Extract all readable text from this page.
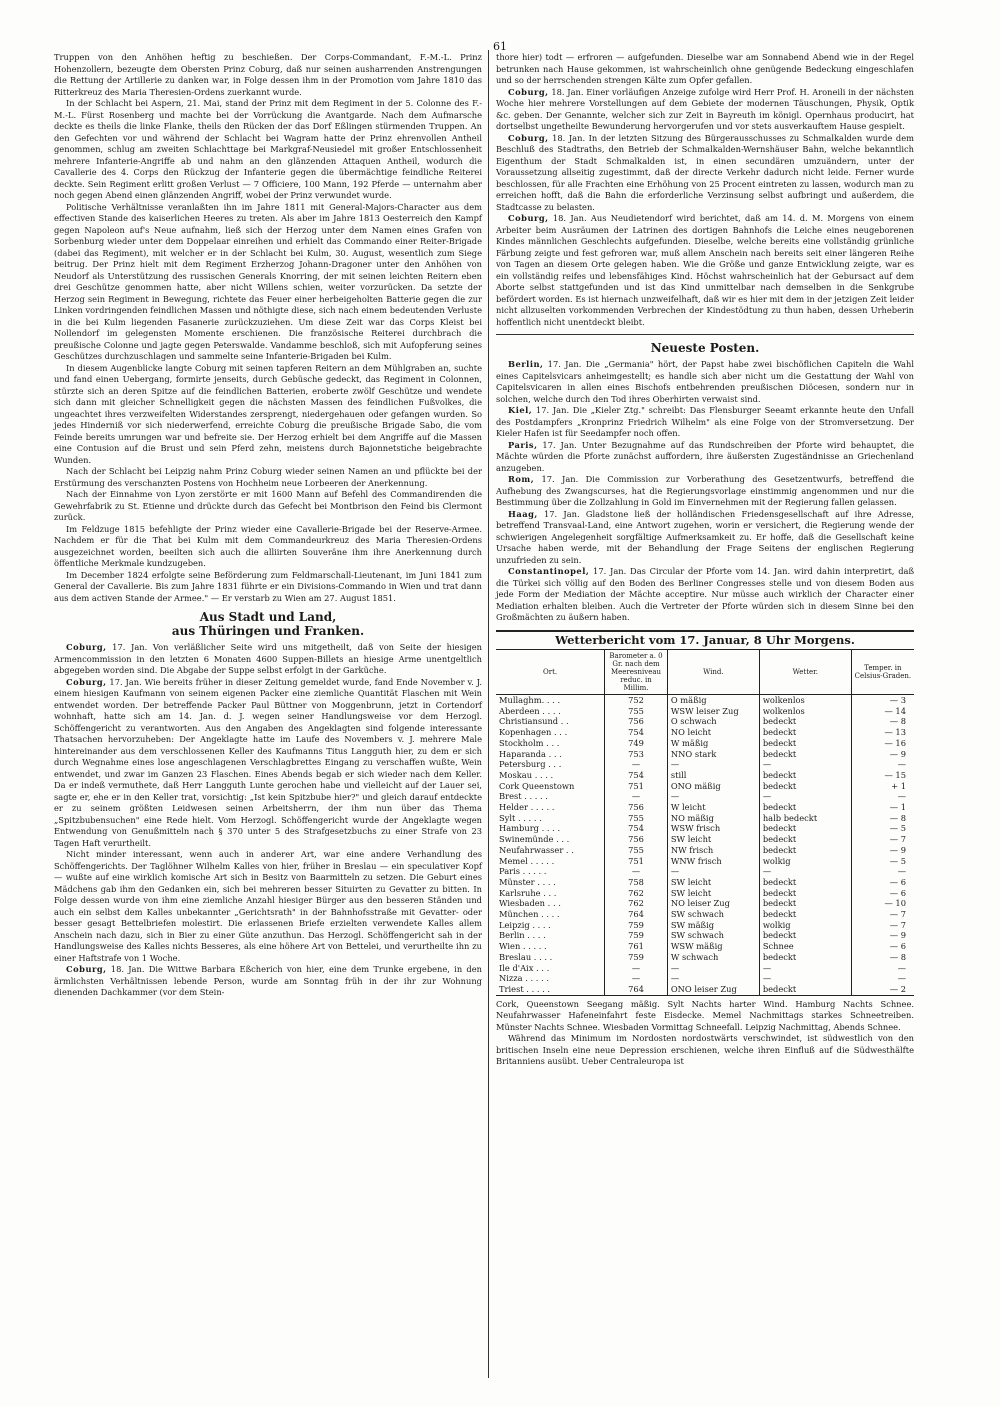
61

Truppen von den Anhöhen heftig zu beschießen. Der Corps-Commandant, F.-M.-L. Prinz Hohenzollern, bezeugte dem Obersten Prinz Coburg, daß nur seinen ausharrenden Anstrengungen die Rettung der Artillerie zu danken war, in Folge dessen ihm in der Promotion vom Jahre 1810 das Ritterkreuz des Maria Theresien-Ordens zuerkannt wurde.

In der Schlacht bei Aspern, 21. Mai, stand der Prinz mit dem Regiment in der 5. Colonne des F.-M.-L. Fürst Rosenberg und machte bei der Vorrückung die Avantgarde. Nach dem Aufmarsche deckte es theils die linke Flanke, theils den Rücken der das Dorf Eßlingen stürmenden Truppen. An den Gefechten vor und während der Schlacht bei Wagram hatte der Prinz ehrenvollen Antheil genommen, schlug am zweiten Schlachttage bei Markgraf-Neusiedel mit großer Entschlossenheit mehrere Infanterie-Angriffe ab und nahm an den glänzenden Attaquen Antheil, wodurch die Cavallerie des 4. Corps den Rückzug der Infanterie gegen die übermächtige feindliche Reiterei deckte. Sein Regiment erlitt großen Verlust — 7 Officiere, 100 Mann, 192 Pferde — unternahm aber noch gegen Abend einen glänzenden Angriff, wobei der Prinz verwundet wurde.

Politische Verhältnisse veranlaßten ihn im Jahre 1811 mit General-Majors-Character aus dem effectiven Stande des kaiserlichen Heeres zu treten. Als aber im Jahre 1813 Oesterreich den Kampf gegen Napoleon auf's Neue aufnahm, ließ sich der Herzog unter dem Namen eines Grafen von Sorbenburg wieder unter dem Doppelaar einreihen und erhielt das Commando einer Reiter-Brigade (dabei das Regiment), mit welcher er in der Schlacht bei Kulm, 30. August, wesentlich zum Siege beitrug. Der Prinz hielt mit dem Regiment Erzherzog Johann-Dragoner unter den Anhöhen von Neudorf als Unterstützung des russischen Generals Knorring, der mit seinen leichten Reitern eben drei Geschütze genommen hatte, aber nicht Willens schien, weiter vorzurücken. Da setzte der Herzog sein Regiment in Bewegung, richtete das Feuer einer herbeigeholten Batterie gegen die zur Linken vordringenden feindlichen Massen und nöthigte diese, sich nach einem bedeutenden Verluste in die bei Kulm liegenden Fasanerie zurückzuziehen. Um diese Zeit war das Corps Kleist bei Nollendorf im gelegensten Momente erschienen. Die französische Reiterei durchbrach die preußische Colonne und jagte gegen Peterswalde. Vandamme beschloß, sich mit Aufopferung seines Geschützes durchzuschlagen und sammelte seine Infanterie-Brigaden bei Kulm.

In diesem Augenblicke langte Coburg mit seinen tapferen Reitern an dem Mühlgraben an, suchte und fand einen Uebergang, formirte jenseits, durch Gebüsche gedeckt, das Regiment in Colonnen, stürzte sich an deren Spitze auf die feindlichen Batterien, eroberte zwölf Geschütze und wendete sich dann mit gleicher Schnelligkeit gegen die nächsten Massen des feindlichen Fußvolkes, die ungeachtet ihres verzweifelten Widerstandes zersprengt, niedergehauen oder gefangen wurden. So jedes Hinderniß vor sich niederwerfend, erreichte Coburg die preußische Brigade Sabo, die vom Feinde bereits umrungen war und befreite sie. Der Herzog erhielt bei dem Angriffe auf die Massen eine Contusion auf die Brust und sein Pferd zehn, meistens durch Bajonnetstiche beigebrachte Wunden.

Nach der Schlacht bei Leipzig nahm Prinz Coburg wieder seinen Namen an und pflückte bei der Erstürmung des verschanzten Postens von Hochheim neue Lorbeeren der Anerkennung.

Nach der Einnahme von Lyon zerstörte er mit 1600 Mann auf Befehl des Commandirenden die Gewehrfabrik zu St. Etienne und drückte durch das Gefecht bei Montbrison den Feind bis Clermont zurück.

Im Feldzuge 1815 befehligte der Prinz wieder eine Cavallerie-Brigade bei der Reserve-Armee. Nachdem er für die That bei Kulm mit dem Commandeurkreuz des Maria Theresien-Ordens ausgezeichnet worden, beeilten sich auch die alliirten Souveräne ihm ihre Anerkennung durch öffentliche Merkmale kundzugeben.

Im December 1824 erfolgte seine Beförderung zum Feldmarschall-Lieutenant, im Juni 1841 zum General der Cavallerie. Bis zum Jahre 1831 führte er ein Divisions-Commando in Wien und trat dann aus dem activen Stande der Armee." — Er verstarb zu Wien am 27. August 1851.

Aus Stadt und Land,
aus Thüringen und Franken.

Coburg, 17. Jan. Von verläßlicher Seite wird uns mitgetheilt, daß von Seite der hiesigen Armencommission in den letzten 6 Monaten 4600 Suppen-Billets an hiesige Arme unentgeltlich abgegeben worden sind. Die Abgabe der Suppe selbst erfolgt in der Garküche.

Coburg, 17. Jan. Wie bereits früher in dieser Zeitung gemeldet wurde, fand Ende November v. J. einem hiesigen Kaufmann von seinem eigenen Packer eine ziemliche Quantität Flaschen mit Wein entwendet worden. Der betreffende Packer Paul Büttner von Moggenbrunn, jetzt in Cortendorf wohnhaft, hatte sich am 14. Jan. d. J. wegen seiner Handlungsweise vor dem Herzogl. Schöffengericht zu verantworten. Aus den Angaben des Angeklagten sind folgende interessante Thatsachen hervorzuheben: Der Angeklagte hatte im Laufe des Novembers v. J. mehrere Male hintereinander aus dem verschlossenen Keller des Kaufmanns Titus Langguth hier, zu dem er sich durch Wegnahme eines lose angeschlagenen Verschlagbrettes Eingang zu verschaffen wußte, Wein entwendet, und zwar im Ganzen 23 Flaschen. Eines Abends begab er sich wieder nach dem Keller. Da er indeß vermuthete, daß Herr Langguth Lunte gerochen habe und vielleicht auf der Lauer sei, sagte er, ehe er in den Keller trat, vorsichtig: „Ist kein Spitzbube hier?" und gleich darauf entdeckte er zu seinem größten Leidwesen seinen Arbeitsherrn, der ihm nun über das Thema „Spitzbubensuchen" eine Rede hielt. Vom Herzogl. Schöffengericht wurde der Angeklagte wegen Entwendung von Genußmitteln nach § 370 unter 5 des Strafgesetzbuchs zu einer Strafe von 23 Tagen Haft verurtheilt.

Nicht minder interessant, wenn auch in anderer Art, war eine andere Verhandlung des Schöffengerichts. Der Taglöhner Wilhelm Kalles von hier, früher in Breslau — ein speculativer Kopf — wußte auf eine wirklich komische Art sich in Besitz von Baarmitteln zu setzen. Die Geburt eines Mädchens gab ihm den Gedanken ein, sich bei mehreren besser Situirten zu Gevatter zu bitten. In Folge dessen wurde von ihm eine ziemliche Anzahl hiesiger Bürger aus den besseren Ständen und auch ein selbst dem Kalles unbekannter „Gerichtsrath" in der Bahnhofsstraße mit Gevatter- oder besser gesagt Bettelbriefen molestirt. Die erlassenen Briefe erzielten verwendete Kalles allem Anschein nach dazu, sich in Bier zu einer Güte anzuthun. Das Herzogl. Schöffengericht sah in der Handlungsweise des Kalles nichts Besseres, als eine höhere Art von Bettelei, und verurtheilte ihn zu einer Haftstrafe von 1 Woche.

Coburg, 18. Jan. Die Wittwe Barbara Eßcherich von hier, eine dem Trunke ergebene, in den ärmlichsten Verhältnissen lebende Person, wurde am Sonntag früh in der ihr zur Wohnung dienenden Dachkammer (vor dem Stein-

thore hier) todt — erfroren — aufgefunden. Dieselbe war am Sonnabend Abend wie in der Regel betrunken nach Hause gekommen, ist wahrscheinlich ohne genügende Bedeckung eingeschlafen und so der herrschenden strengen Kälte zum Opfer gefallen.

Coburg, 18. Jan. Einer vorläufigen Anzeige zufolge wird Herr Prof. H. Aroneili in der nächsten Woche hier mehrere Vorstellungen auf dem Gebiete der modernen Täuschungen, Physik, Optik &c. geben. Der Genannte, welcher sich zur Zeit in Bayreuth im königl. Opernhaus producirt, hat dortselbst ungetheilte Bewunderung hervorgerufen und vor stets ausverkauftem Hause gespielt.

Coburg, 18. Jan. In der letzten Sitzung des Bürgerausschusses zu Schmalkalden wurde dem Beschluß des Stadtraths, den Betrieb der Schmalkalden-Wernshäuser Bahn, welche bekanntlich Eigenthum der Stadt Schmalkalden ist, in einen secundären umzuändern, unter der Voraussetzung allseitig zugestimmt, daß der directe Verkehr dadurch nicht leide. Ferner wurde beschlossen, für alle Frachten eine Erhöhung von 25 Procent eintreten zu lassen, wodurch man zu erreichen hofft, daß die Bahn die erforderliche Verzinsung selbst aufbringt und außerdem, die Stadtcasse zu belasten.

Coburg, 18. Jan. Aus Neudietendorf wird berichtet, daß am 14. d. M. Morgens von einem Arbeiter beim Ausräumen der Latrinen des dortigen Bahnhofs die Leiche eines neugeborenen Kindes männlichen Geschlechts aufgefunden. Dieselbe, welche bereits eine vollständig grünliche Färbung zeigte und fest gefroren war, muß allem Anschein nach bereits seit einer längeren Reihe von Tagen an diesem Orte gelegen haben. Wie die Größe und ganze Entwicklung zeigte, war es ein vollständig reifes und lebensfähiges Kind. Höchst wahrscheinlich hat der Gebursact auf dem Aborte selbst stattgefunden und ist das Kind unmittelbar nach demselben in die Senkgrube befördert worden. Es ist hiernach unzweifelhaft, daß wir es hier mit dem in der jetzigen Zeit leider nicht allzuselten vorkommenden Verbrechen der Kindestödtung zu thun haben, dessen Urheberin hoffentlich nicht unentdeckt bleibt.

Neueste Posten.

Berlin, 17. Jan. Die „Germania" hört, der Papst habe zwei bischöflichen Capiteln die Wahl eines Capitelsvicars anheimgestellt; es handle sich aber nicht um die Gestattung der Wahl von Capitelsvicaren in allen eines Bischofs entbehrenden preußischen Diöcesen, sondern nur in solchen, welche durch den Tod ihres Oberhirten verwaist sind.

Kiel, 17. Jan. Die „Kieler Ztg." schreibt: Das Flensburger Seeamt erkannte heute den Unfall des Postdampfers „Kronprinz Friedrich Wilhelm" als eine Folge von der Stromversetzung. Der Kieler Hafen ist für Seedampfer noch offen.

Paris, 17. Jan. Unter Bezugnahme auf das Rundschreiben der Pforte wird behauptet, die Mächte würden die Pforte zunächst auffordern, ihre äußersten Zugeständnisse an Griechenland anzugeben.

Rom, 17. Jan. Die Commission zur Vorberathung des Gesetzentwurfs, betreffend die Aufhebung des Zwangscurses, hat die Regierungsvorlage einstimmig angenommen und nur die Bestimmung über die Zollzahlung in Gold im Einvernehmen mit der Regierung fallen gelassen.

Haag, 17. Jan. Gladstone ließ der holländischen Friedensgesellschaft auf ihre Adresse, betreffend Transvaal-Land, eine Antwort zugehen, worin er versichert, die Regierung wende der schwierigen Angelegenheit sorgfältige Aufmerksamkeit zu. Er hoffe, daß die Gesellschaft keine Ursache haben werde, mit der Behandlung der Frage Seitens der englischen Regierung unzufrieden zu sein.

Constantinopel, 17. Jan. Das Circular der Pforte vom 14. Jan. wird dahin interpretirt, daß die Türkei sich völlig auf den Boden des Berliner Congresses stelle und von diesem Boden aus jede Form der Mediation der Mächte acceptire. Nur müsse auch wirklich der Character einer Mediation erhalten bleiben. Auch die Vertreter der Pforte würden sich in diesem Sinne bei den Großmächten zu äußern haben.

Wetterbericht vom 17. Januar, 8 Uhr Morgens.
Ort.	Barometer a. 0 Gr. nach dem Meeresniveau reduc. in Millim.	Wind.	Wetter.	Temper. in Celsius-Graden.
Mullaghm. . . .	752	O mäßig	wolkenlos	— 3
Aberdeen . . . .	755	WSW leiser Zug	wolkenlos	— 14
Christiansund . .	756	O schwach	bedeckt	— 8
Kopenhagen . . .	754	NO leicht	bedeckt	— 13
Stockholm . . .	749	W mäßig	bedeckt	— 16
Haparanda . . .	753	NNO stark	bedeckt	— 9
Petersburg . . .	—	—	—	—
Moskau . . . .	754	still	bedeckt	— 15
Cork Queenstown	751	ONO mäßig	bedeckt	+ 1
Brest . . . . .	—	—	—	—
Helder . . . . .	756	W leicht	bedeckt	— 1
Sylt . . . . .	755	NO mäßig	halb bedeckt	— 8
Hamburg . . . .	754	WSW frisch	bedeckt	— 5
Swinemünde . . .	756	SW leicht	bedeckt	— 7
Neufahrwasser . .	755	NW frisch	bedeckt	— 9
Memel . . . . .	751	WNW frisch	wolkig	— 5
Paris . . . . .	—	—	—	—
Münster . . . .	758	SW leicht	bedeckt	— 6
Karlsruhe . . .	762	SW leicht	bedeckt	— 6
Wiesbaden . . .	762	NO leiser Zug	bedeckt	— 10
München . . . .	764	SW schwach	bedeckt	— 7
Leipzig . . . .	759	SW mäßig	wolkig	— 7
Berlin . . . .	759	SW schwach	bedeckt	— 9
Wien . . . . .	761	WSW mäßig	Schnee	— 6
Breslau . . . .	759	W schwach	bedeckt	— 8
Ile d'Aix . . .	—	—	—	—
Nizza . . . . .	—	—	—	—
Triest . . . . .	764	ONO leiser Zug	bedeckt	— 2

Cork, Queenstown Seegang mäßig. Sylt Nachts harter Wind. Hamburg Nachts Schnee. Neufahrwasser Hafeneinfahrt feste Eisdecke. Memel Nachmittags starkes Schneetreiben. Münster Nachts Schnee. Wiesbaden Vormittag Schneefall. Leipzig Nachmittag, Abends Schnee.

Während das Minimum im Nordosten nordostwärts verschwindet, ist südwestlich von den britischen Inseln eine neue Depression erschienen, welche ihren Einfluß auf die Südwesthälfte Britanniens ausübt. Ueber Centraleuropa ist
